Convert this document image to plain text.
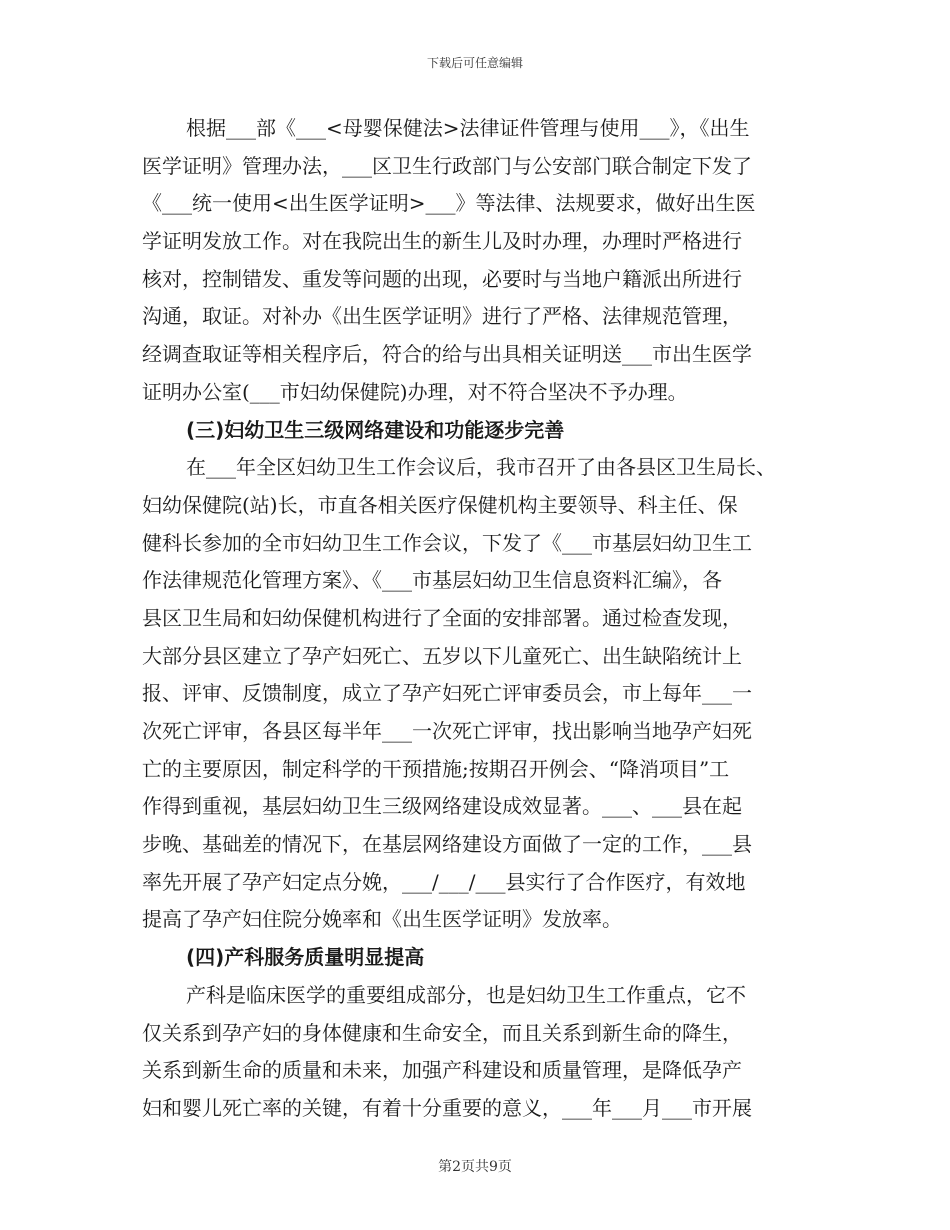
下载后可任意编辑
根据___部《___<母婴保健法>法律证件管理与使用___》，《出生
医学证明》管理办法，___区卫生行政部门与公安部门联合制定下发了
《___统一使用<出生医学证明>___》等法律、法规要求，做好出生医
学证明发放工作。对在我院出生的新生儿及时办理，办理时严格进行
核对，控制错发、重发等问题的出现，必要时与当地户籍派出所进行
沟通，取证。对补办《出生医学证明》进行了严格、法律规范管理，
经调查取证等相关程序后，符合的给与出具相关证明送___市出生医学
证明办公室(___市妇幼保健院)办理，对不符合坚决不予办理。
(三)妇幼卫生三级网络建设和功能逐步完善
在___年全区妇幼卫生工作会议后，我市召开了由各县区卫生局长、
妇幼保健院(站)长，市直各相关医疗保健机构主要领导、科主任、保
健科长参加的全市妇幼卫生工作会议，下发了《___市基层妇幼卫生工
作法律规范化管理方案》、《___市基层妇幼卫生信息资料汇编》，各
县区卫生局和妇幼保健机构进行了全面的安排部署。通过检查发现，
大部分县区建立了孕产妇死亡、五岁以下儿童死亡、出生缺陷统计上
报、评审、反馈制度，成立了孕产妇死亡评审委员会，市上每年___一
次死亡评审，各县区每半年___一次死亡评审，找出影响当地孕产妇死
亡的主要原因，制定科学的干预措施;按期召开例会、“降消项目”工
作得到重视，基层妇幼卫生三级网络建设成效显著。___、___县在起
步晚、基础差的情况下，在基层网络建设方面做了一定的工作，___县
率先开展了孕产妇定点分娩，___/___/___县实行了合作医疗，有效地
提高了孕产妇住院分娩率和《出生医学证明》发放率。
(四)产科服务质量明显提高
产科是临床医学的重要组成部分，也是妇幼卫生工作重点，它不
仅关系到孕产妇的身体健康和生命安全，而且关系到新生命的降生，
关系到新生命的质量和未来，加强产科建设和质量管理，是降低孕产
妇和婴儿死亡率的关键，有着十分重要的意义，___年___月___市开展
第2页共9页
